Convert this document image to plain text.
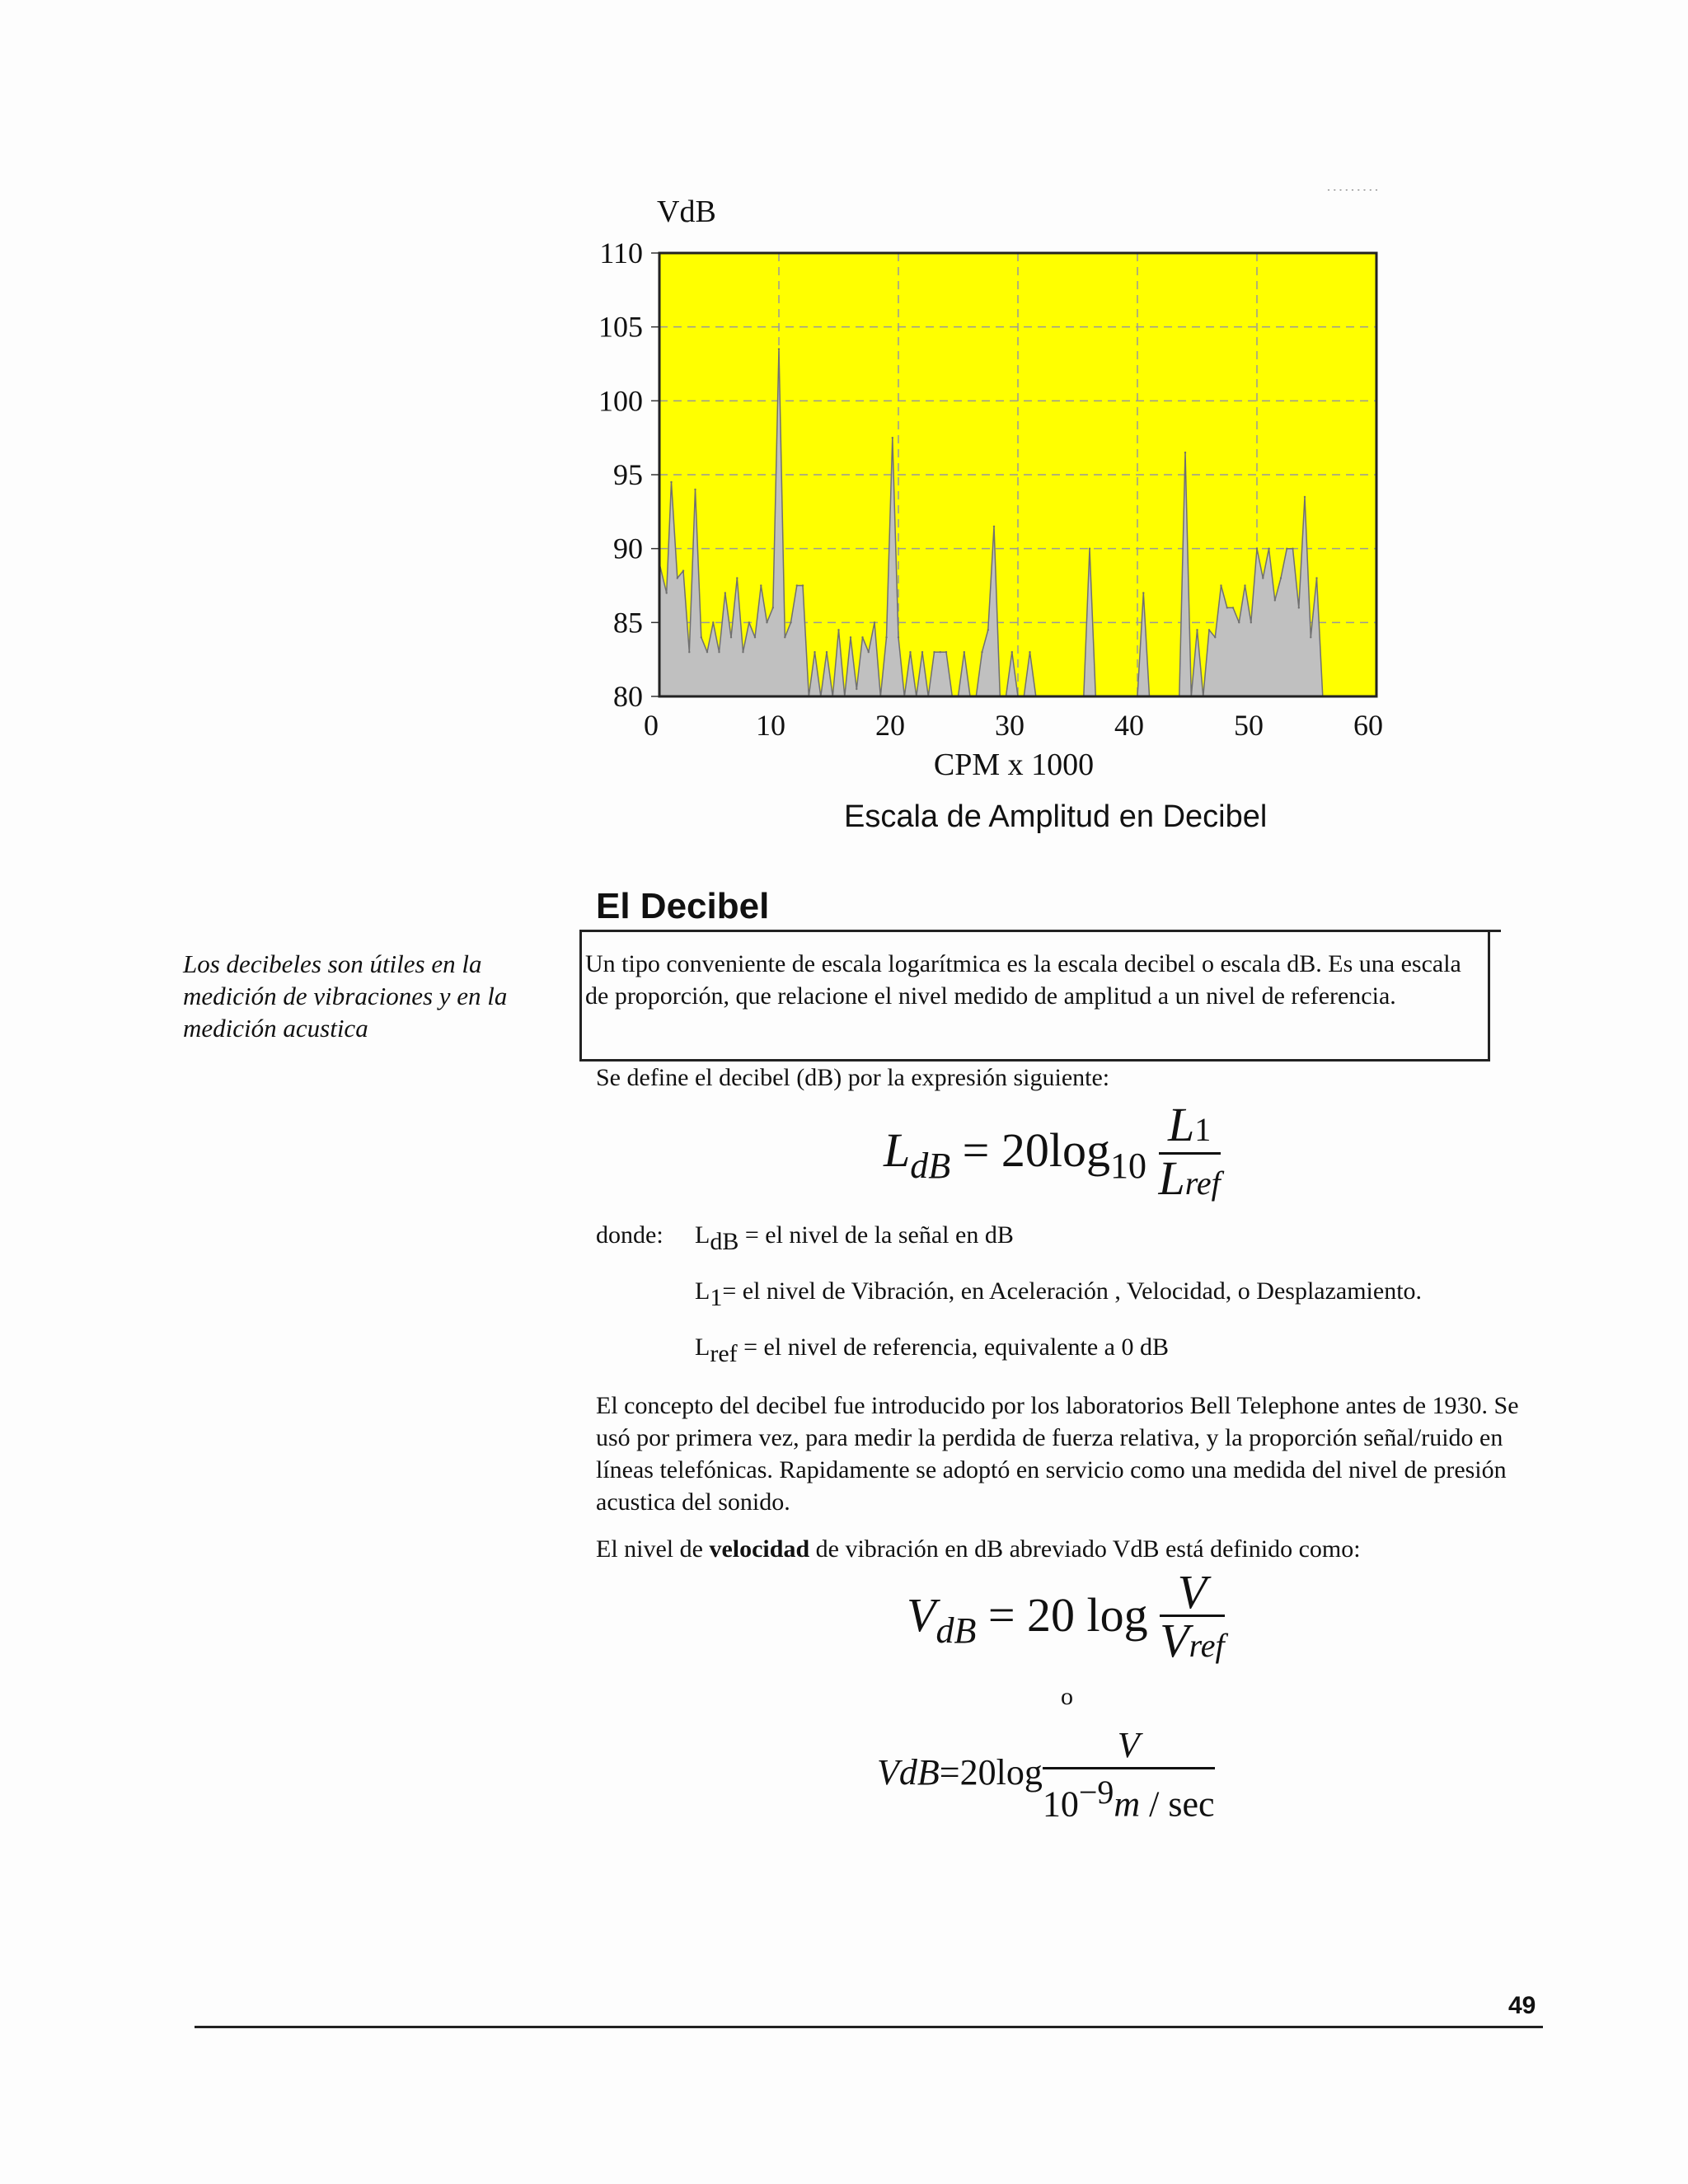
VdB
80
85
90
95
100
105
110
0	10	20	30	40	50	60
CPM x 1000
Escala de Amplitud en Decibel
El Decibel
Los decibeles son útiles en la medición de vibraciones y en la medición acustica

Un tipo conveniente de escala logarítmica es la escala decibel o escala dB. Es una escala de proporción, que relacione el nivel medido de amplitud a un nivel de referencia.

Se define el decibel (dB) por la expresión siguiente:

$L_{dB} = 20\log_{10} \frac{L1}{\text{Lref}}$
donde: LdB = el nivel de la señal en dB
L1= el nivel de Vibración, en Aceleración , Velocidad, o Desplazamiento.
Lref = el nivel de referencia, equivalente a 0 dB

El concepto del decibel fue introducido por los laboratorios Bell Telephone antes de 1930. Se usó por primera vez, para medir la perdida de fuerza relativa, y la proporción señal/ruido en líneas telefónicas. Rapidamente se adoptó en servicio como una medida del nivel de presión acustica del sonido.

El nivel de velocidad de vibración en dB abreviado VdB está definido como:

$V_{dB} = 20$ $\log \frac{V}{\text{Vref}}$
o
$VdB=20\log \frac{V}{10^{-9}m / \sec}$
49
